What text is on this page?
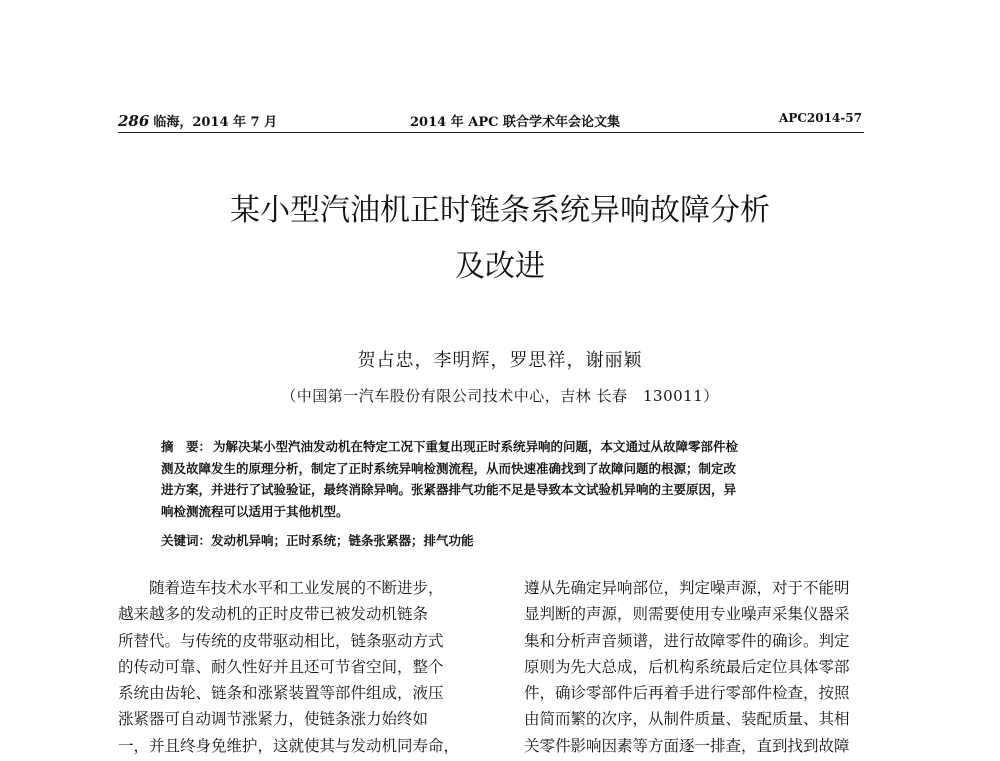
286 临海，2014 年 7 月	2014 年 APC 联合学术年会论文集	APC2014-57
某小型汽油机正时链条系统异响故障分析
及改进
贺占忠，李明辉，罗思祥，谢丽颖
（中国第一汽车股份有限公司技术中心，吉林 长春　130011）
摘　要： 为解决某小型汽油发动机在特定工况下重复出现正时系统异响的问题，本文通过从故障零部件检
测及故障发生的原理分析，制定了正时系统异响检测流程，从而快速准确找到了故障问题的根源；制定改
进方案，并进行了试验验证，最终消除异响。张紧器排气功能不足是导致本文试验机异响的主要原因，异
响检测流程可以适用于其他机型。
关键词：发动机异响；正时系统；链条张紧器；排气功能
随着造车技术水平和工业发展的不断进步，
越来越多的发动机的正时皮带已被发动机链条
所替代。与传统的皮带驱动相比，链条驱动方式
的传动可靠、耐久性好并且还可节省空间，整个
系统由齿轮、链条和涨紧装置等部件组成，液压
涨紧器可自动调节涨紧力，使链条涨力始终如
一，并且终身免维护，这就使其与发动机同寿命，
遵从先确定异响部位，判定噪声源，对于不能明
显判断的声源，则需要使用专业噪声采集仪器采
集和分析声音频谱，进行故障零件的确诊。判定
原则为先大总成，后机构系统最后定位具体零部
件，确诊零部件后再着手进行零部件检查，按照
由简而繁的次序，从制件质量、装配质量、其相
关零件影响因素等方面逐一排查，直到找到故障
